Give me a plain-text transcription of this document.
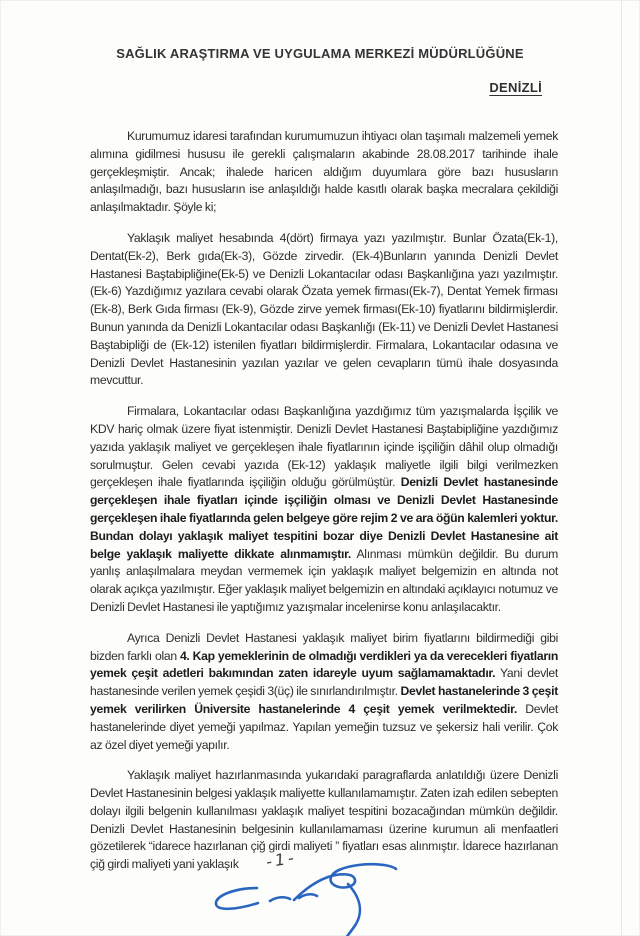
SAĞLIK ARAŞTIRMA VE UYGULAMA MERKEZİ MÜDÜRLÜĞÜNE
DENİZLİ

Kurumumuz idaresi tarafından kurumumuzun ihtiyacı olan taşımalı malzemeli yemek alımına gidilmesi hususu ile gerekli çalışmaların akabinde 28.08.2017 tarihinde ihale gerçekleşmiştir. Ancak; ihalede haricen aldığım duyumlara göre bazı hususların anlaşılmadığı, bazı hususların ise anlaşıldığı halde kasıtlı olarak başka mecralara çekildiği anlaşılmaktadır. Şöyle ki;

Yaklaşık maliyet hesabında 4(dört) firmaya yazı yazılmıştır. Bunlar Özata(Ek-1), Dentat(Ek-2), Berk gıda(Ek-3), Gözde zirvedir. (Ek-4)Bunların yanında Denizli Devlet Hastanesi Baştabipliğine(Ek-5) ve Denizli Lokantacılar odası Başkanlığına yazı yazılmıştır. (Ek-6) Yazdığımız yazılara cevabi olarak Özata yemek firması(Ek-7), Dentat Yemek firması (Ek-8), Berk Gıda firması (Ek-9), Gözde zirve yemek firması(Ek-10) fiyatlarını bildirmişlerdir. Bunun yanında da Denizli Lokantacılar odası Başkanlığı (Ek-11) ve Denizli Devlet Hastanesi Baştabipliği de (Ek-12) istenilen fiyatları bildirmişlerdir. Firmalara, Lokantacılar odasına ve Denizli Devlet Hastanesinin yazılan yazılar ve gelen cevapların tümü ihale dosyasında mevcuttur.

Firmalara, Lokantacılar odası Başkanlığına yazdığımız tüm yazışmalarda İşçilik ve KDV hariç olmak üzere fiyat istenmiştir. Denizli Devlet Hastanesi Baştabipliğine yazdığımız yazıda yaklaşık maliyet ve gerçekleşen ihale fiyatlarının içinde işçiliğin dâhil olup olmadığı sorulmuştur. Gelen cevabi yazıda (Ek-12) yaklaşık maliyetle ilgili bilgi verilmezken gerçekleşen ihale fiyatlarında işçiliğin olduğu görülmüştür. Denizli Devlet hastanesinde gerçekleşen ihale fiyatları içinde işçiliğin olması ve Denizli Devlet Hastanesinde gerçekleşen ihale fiyatlarında gelen belgeye göre rejim 2 ve ara öğün kalemleri yoktur. Bundan dolayı yaklaşık maliyet tespitini bozar diye Denizli Devlet Hastanesine ait belge yaklaşık maliyette dikkate alınmamıştır. Alınması mümkün değildir. Bu durum yanlış anlaşılmalara meydan vermemek için yaklaşık maliyet belgemizin en altında not olarak açıkça yazılmıştır. Eğer yaklaşık maliyet belgemizin en altındaki açıklayıcı notumuz ve Denizli Devlet Hastanesi ile yaptığımız yazışmalar incelenirse konu anlaşılacaktır.

Ayrıca Denizli Devlet Hastanesi yaklaşık maliyet birim fiyatlarını bildirmediği gibi bizden farklı olan 4. Kap yemeklerinin de olmadığı verdikleri ya da verecekleri fiyatların yemek çeşit adetleri bakımından zaten idareyle uyum sağlamamaktadır. Yani devlet hastanesinde verilen yemek çeşidi 3(üç) ile sınırlandırılmıştır. Devlet hastanelerinde 3 çeşit yemek verilirken Üniversite hastanelerinde 4 çeşit yemek verilmektedir. Devlet hastanelerinde diyet yemeği yapılmaz. Yapılan yemeğin tuzsuz ve şekersiz hali verilir. Çok az özel diyet yemeği yapılır.

Yaklaşık maliyet hazırlanmasında yukarıdaki paragraflarda anlatıldığı üzere Denizli Devlet Hastanesinin belgesi yaklaşık maliyette kullanılamamıştır. Zaten izah edilen sebepten dolayı ilgili belgenin kullanılması yaklaşık maliyet tespitini bozacağından mümkün değildir. Denizli Devlet Hastanesinin belgesinin kullanılamaması üzerine kurumun ali menfaatleri gözetilerek “idarece hazırlanan çiğ girdi maliyeti ” fiyatları esas alınmıştır. İdarece hazırlanan çiğ girdi maliyeti yani yaklaşık	-1-
